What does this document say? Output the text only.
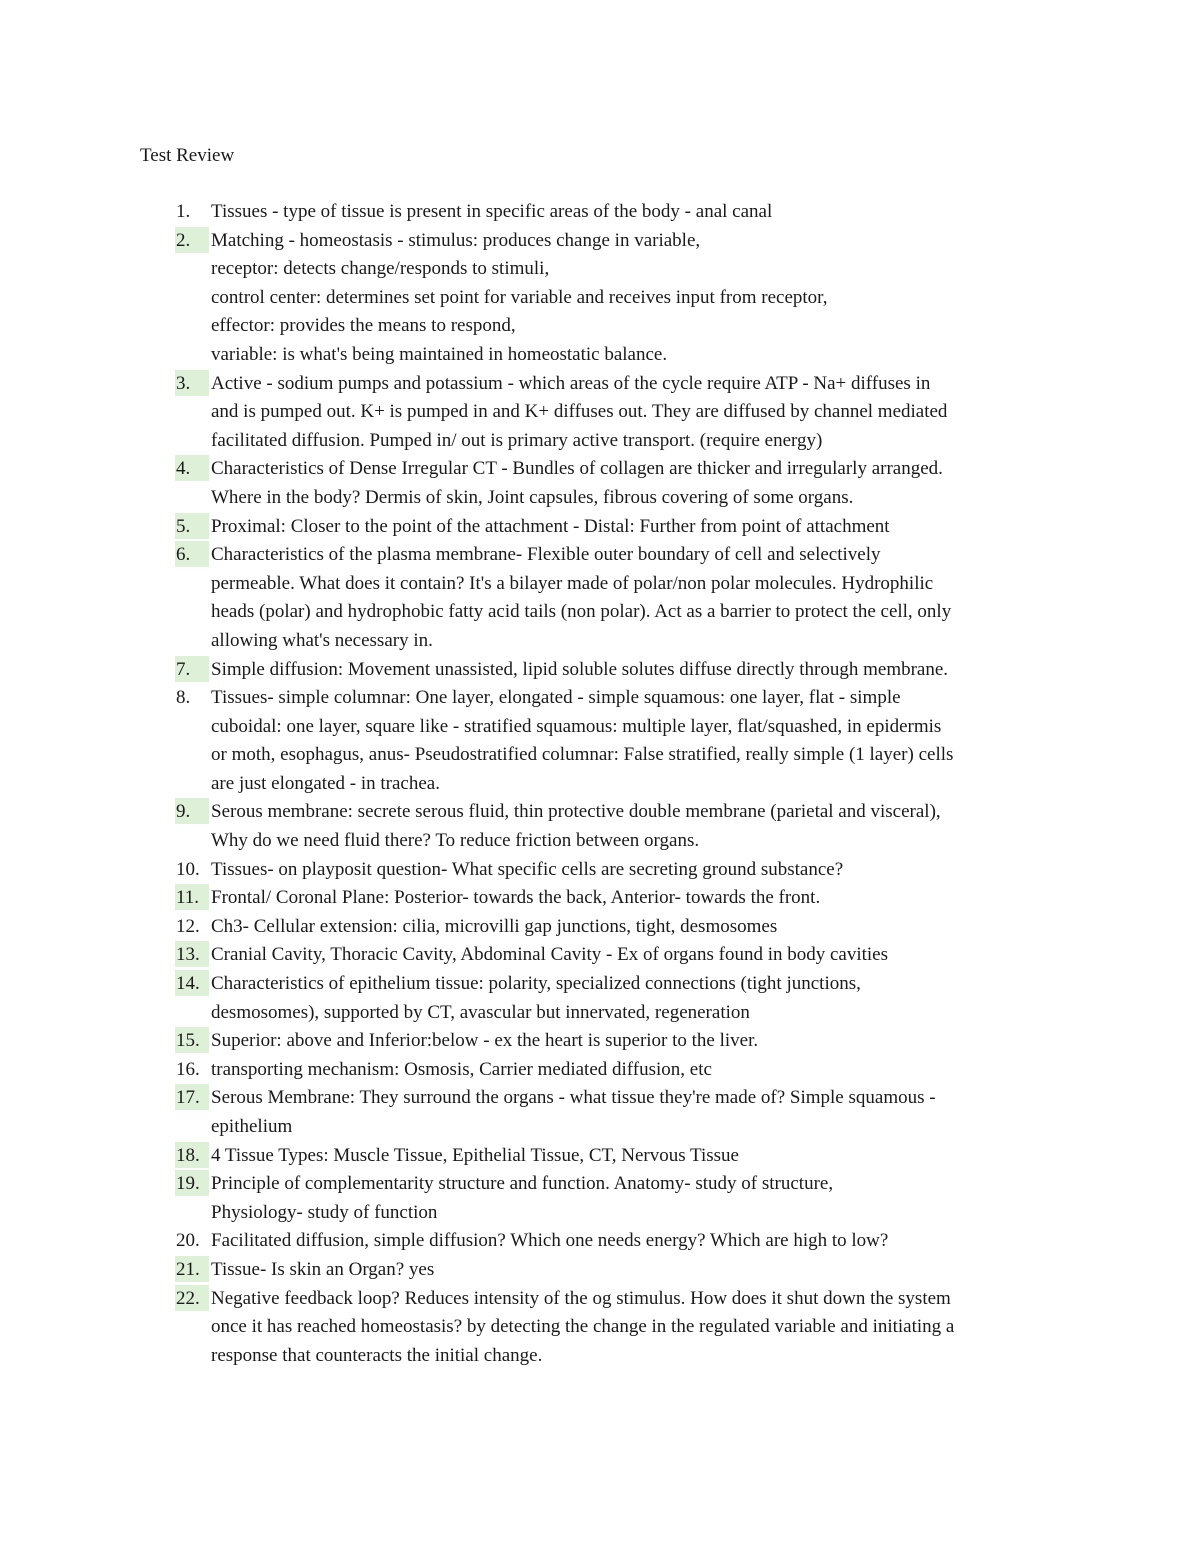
Test Review
1.	Tissues - type of tissue is present in specific areas of the body - anal canal
2.	Matching - homeostasis - stimulus: produces change in variable,
receptor: detects change/responds to stimuli,
control center: determines set point for variable and receives input from receptor,
effector: provides the means to respond,
variable: is what's being maintained in homeostatic balance.
3.	Active - sodium pumps and potassium - which areas of the cycle require ATP - Na+ diffuses in
and is pumped out. K+ is pumped in and K+ diffuses out. They are diffused by channel mediated
facilitated diffusion. Pumped in/ out is primary active transport. (require energy)
4.	Characteristics of Dense Irregular CT - Bundles of collagen are thicker and irregularly arranged.
Where in the body? Dermis of skin, Joint capsules, fibrous covering of some organs.
5.	Proximal: Closer to the point of the attachment - Distal: Further from point of attachment
6.	Characteristics of the plasma membrane- Flexible outer boundary of cell and selectively
permeable. What does it contain? It's a bilayer made of polar/non polar molecules. Hydrophilic
heads (polar) and hydrophobic fatty acid tails (non polar). Act as a barrier to protect the cell, only
allowing what's necessary in.
7.	Simple diffusion: Movement unassisted, lipid soluble solutes diffuse directly through membrane.
8.	Tissues- simple columnar: One layer, elongated - simple squamous: one layer, flat - simple
cuboidal: one layer, square like - stratified squamous: multiple layer, flat/squashed, in epidermis
or moth, esophagus, anus- Pseudostratified columnar: False stratified, really simple (1 layer) cells
are just elongated - in trachea.
9.	Serous membrane: secrete serous fluid, thin protective double membrane (parietal and visceral),
Why do we need fluid there? To reduce friction between organs.
10. Tissues- on playposit question- What specific cells are secreting ground substance?
11. Frontal/ Coronal Plane: Posterior- towards the back, Anterior- towards the front.
12. Ch3- Cellular extension: cilia, microvilli gap junctions, tight, desmosomes
13. Cranial Cavity, Thoracic Cavity, Abdominal Cavity - Ex of organs found in body cavities
14. Characteristics of epithelium tissue: polarity, specialized connections (tight junctions,
desmosomes), supported by CT, avascular but innervated, regeneration
15. Superior: above and Inferior:below - ex the heart is superior to the liver.
16. transporting mechanism: Osmosis, Carrier mediated diffusion, etc
17. Serous Membrane: They surround the organs - what tissue they're made of? Simple squamous -
epithelium
18. 4 Tissue Types: Muscle Tissue, Epithelial Tissue, CT, Nervous Tissue
19. Principle of complementarity structure and function. Anatomy- study of structure,
Physiology- study of function
20. Facilitated diffusion, simple diffusion? Which one needs energy? Which are high to low?
21. Tissue- Is skin an Organ? yes
22. Negative feedback loop? Reduces intensity of the og stimulus. How does it shut down the system
once it has reached homeostasis? by detecting the change in the regulated variable and initiating a
response that counteracts the initial change.
